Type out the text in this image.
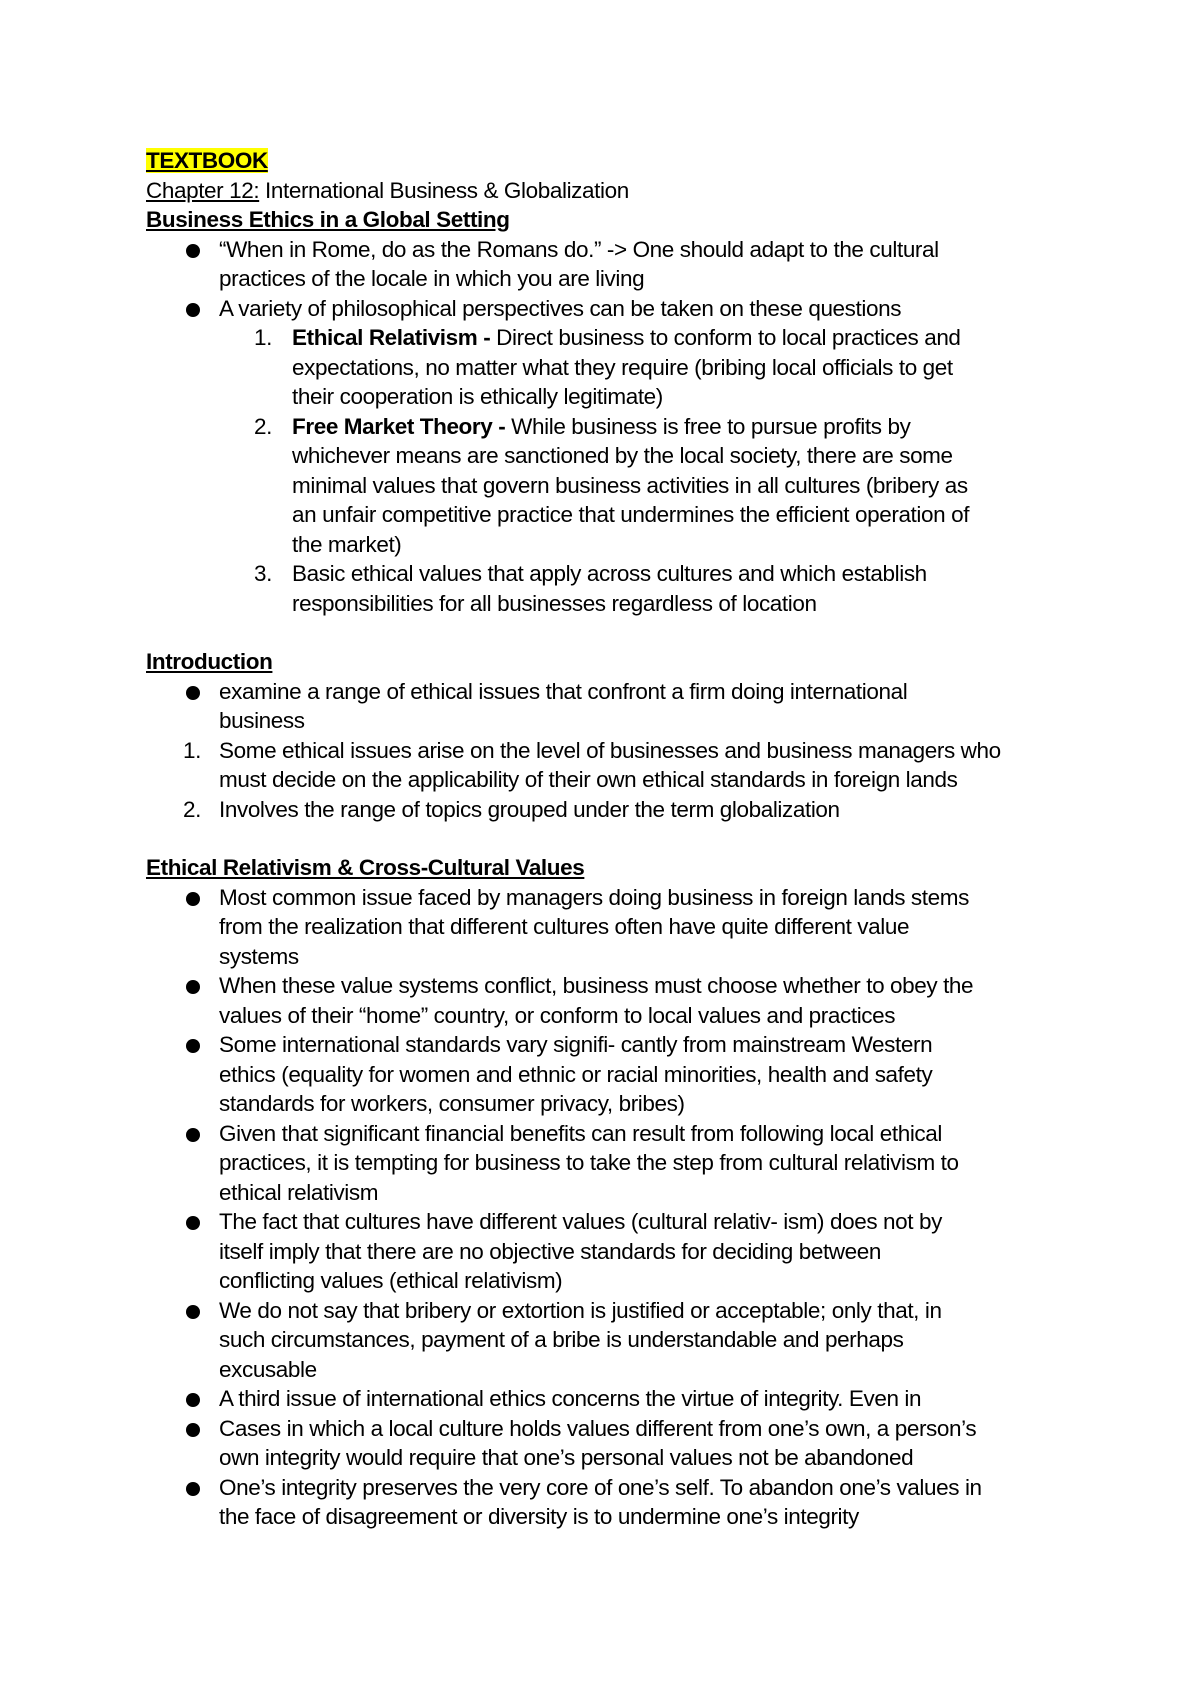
TEXTBOOK
Chapter 12: International Business & Globalization
Business Ethics in a Global Setting
“When in Rome, do as the Romans do.” -> One should adapt to the cultural
practices of the locale in which you are living
A variety of philosophical perspectives can be taken on these questions
1. Ethical Relativism - Direct business to conform to local practices and
expectations, no matter what they require (bribing local officials to get
their cooperation is ethically legitimate)
2. Free Market Theory - While business is free to pursue profits by
whichever means are sanctioned by the local society, there are some
minimal values that govern business activities in all cultures (bribery as
an unfair competitive practice that undermines the efficient operation of
the market)
3. Basic ethical values that apply across cultures and which establish
responsibilities for all businesses regardless of location
Introduction
examine a range of ethical issues that confront a firm doing international
business
1. Some ethical issues arise on the level of businesses and business managers who
must decide on the applicability of their own ethical standards in foreign lands
2. Involves the range of topics grouped under the term globalization
Ethical Relativism & Cross-Cultural Values
Most common issue faced by managers doing business in foreign lands stems
from the realization that different cultures often have quite different value
systems
When these value systems conflict, business must choose whether to obey the
values of their “home” country, or conform to local values and practices
Some international standards vary signifi- cantly from mainstream Western
ethics (equality for women and ethnic or racial minorities, health and safety
standards for workers, consumer privacy, bribes)
Given that significant financial benefits can result from following local ethical
practices, it is tempting for business to take the step from cultural relativism to
ethical relativism
The fact that cultures have different values (cultural relativ- ism) does not by
itself imply that there are no objective standards for deciding between
conflicting values (ethical relativism)
We do not say that bribery or extortion is justified or acceptable; only that, in
such circumstances, payment of a bribe is understandable and perhaps
excusable
A third issue of international ethics concerns the virtue of integrity. Even in
Cases in which a local culture holds values different from one’s own, a person’s
own integrity would require that one’s personal values not be abandoned
One’s integrity preserves the very core of one’s self. To abandon one’s values in
the face of disagreement or diversity is to undermine one’s integrity
